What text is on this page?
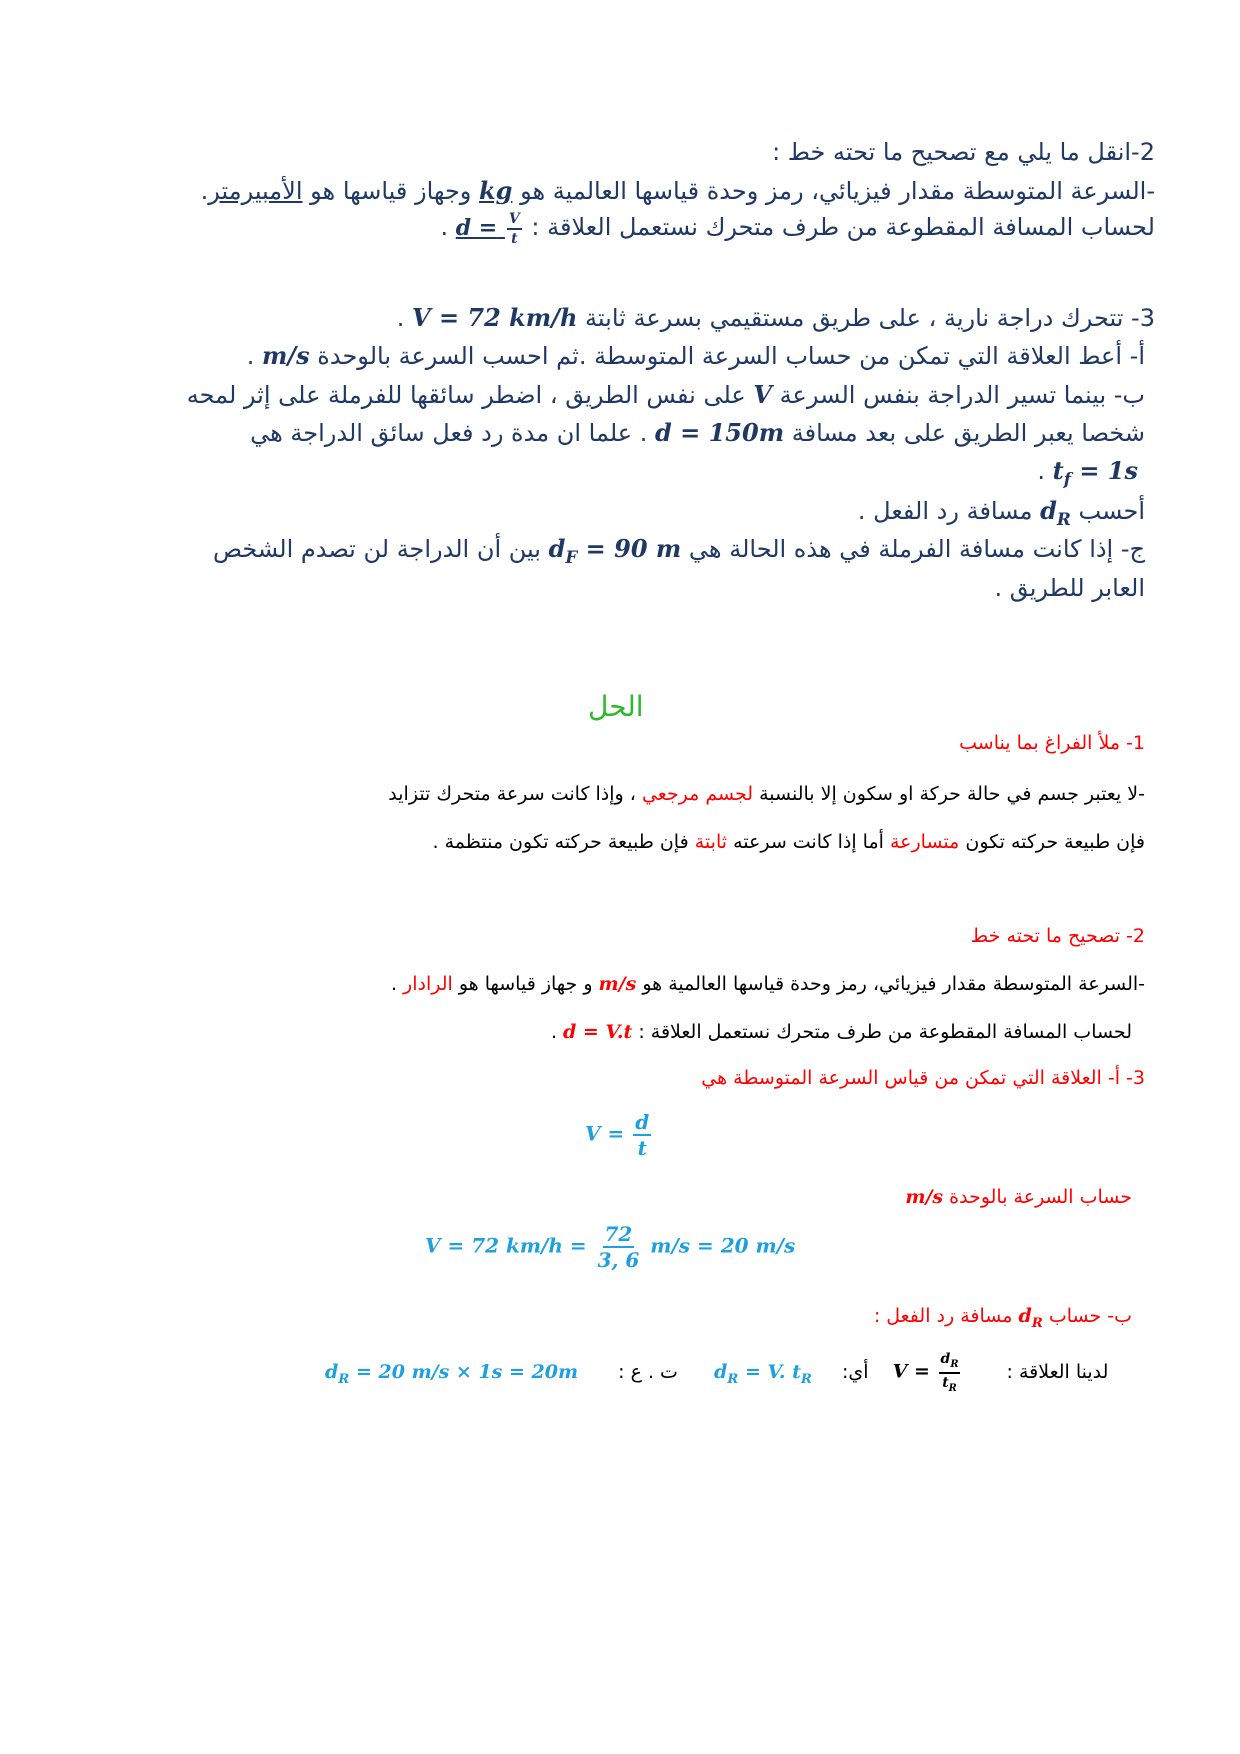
2-انقل ما يلي مع تصحيح ما تحته خط :
-السرعة المتوسطة مقدار فيزيائي، رمز وحدة قياسها العالمية هو kg وجهاز قياسها هو الأمبيرمتر.
لحساب المسافة المقطوعة من طرف متحرك نستعمل العلاقة : $d = \frac{V}{t}$
.
3- تتحرك دراجة نارية ، على طريق مستقيمي بسرعة ثابتة V = 72 km/h .
أ- أعط العلاقة التي تمكن من حساب السرعة المتوسطة .ثم احسب السرعة بالوحدة m/s .
ب- بينما تسير الدراجة بنفس السرعة V على نفس الطريق ، اضطر سائقها للفرملة على إثر لمحه
شخصا يعبر الطريق على بعد مسافة d = 150m . علما ان مدة رد فعل سائق الدراجة هي
$t_f = 1s$ .
أحسب $d_R$ مسافة رد الفعل .
ج- إذا كانت مسافة الفرملة في هذه الحالة هي $d_F = 90$ m بين أن الدراجة لن تصدم الشخص
العابر للطريق .
الحل
1- ملأ الفراغ بما يناسب
-لا يعتبر جسم في حالة حركة او سكون إلا بالنسبة لجسم مرجعي ، وإذا كانت سرعة متحرك تتزايد
فإن طبيعة حركته تكون متسارعة أما إذا كانت سرعته ثابتة فإن طبيعة حركته تكون منتظمة .
2- تصحيح ما تحته خط
-السرعة المتوسطة مقدار فيزيائي، رمز وحدة قياسها العالمية هو m/s و جهاز قياسها هو الرادار .
لحساب المسافة المقطوعة من طرف متحرك نستعمل العلاقة : d = V.t .
3- أ- العلاقة التي تمكن من قياس السرعة المتوسطة هي
$V = \frac{d}{t}$
حساب السرعة بالوحدة m/s
V = 72 $km/h = \frac{72}{3, 6} m/s = 20$ m/s
ب- حساب $d_R$ مسافة رد الفعل :
$d_R = 20$ m/s × 1s = 20m ت . ع : $d_R = V$. $t_R$ أي: $V = \frac{d_R}{t_R}$ لدينا العلاقة :
